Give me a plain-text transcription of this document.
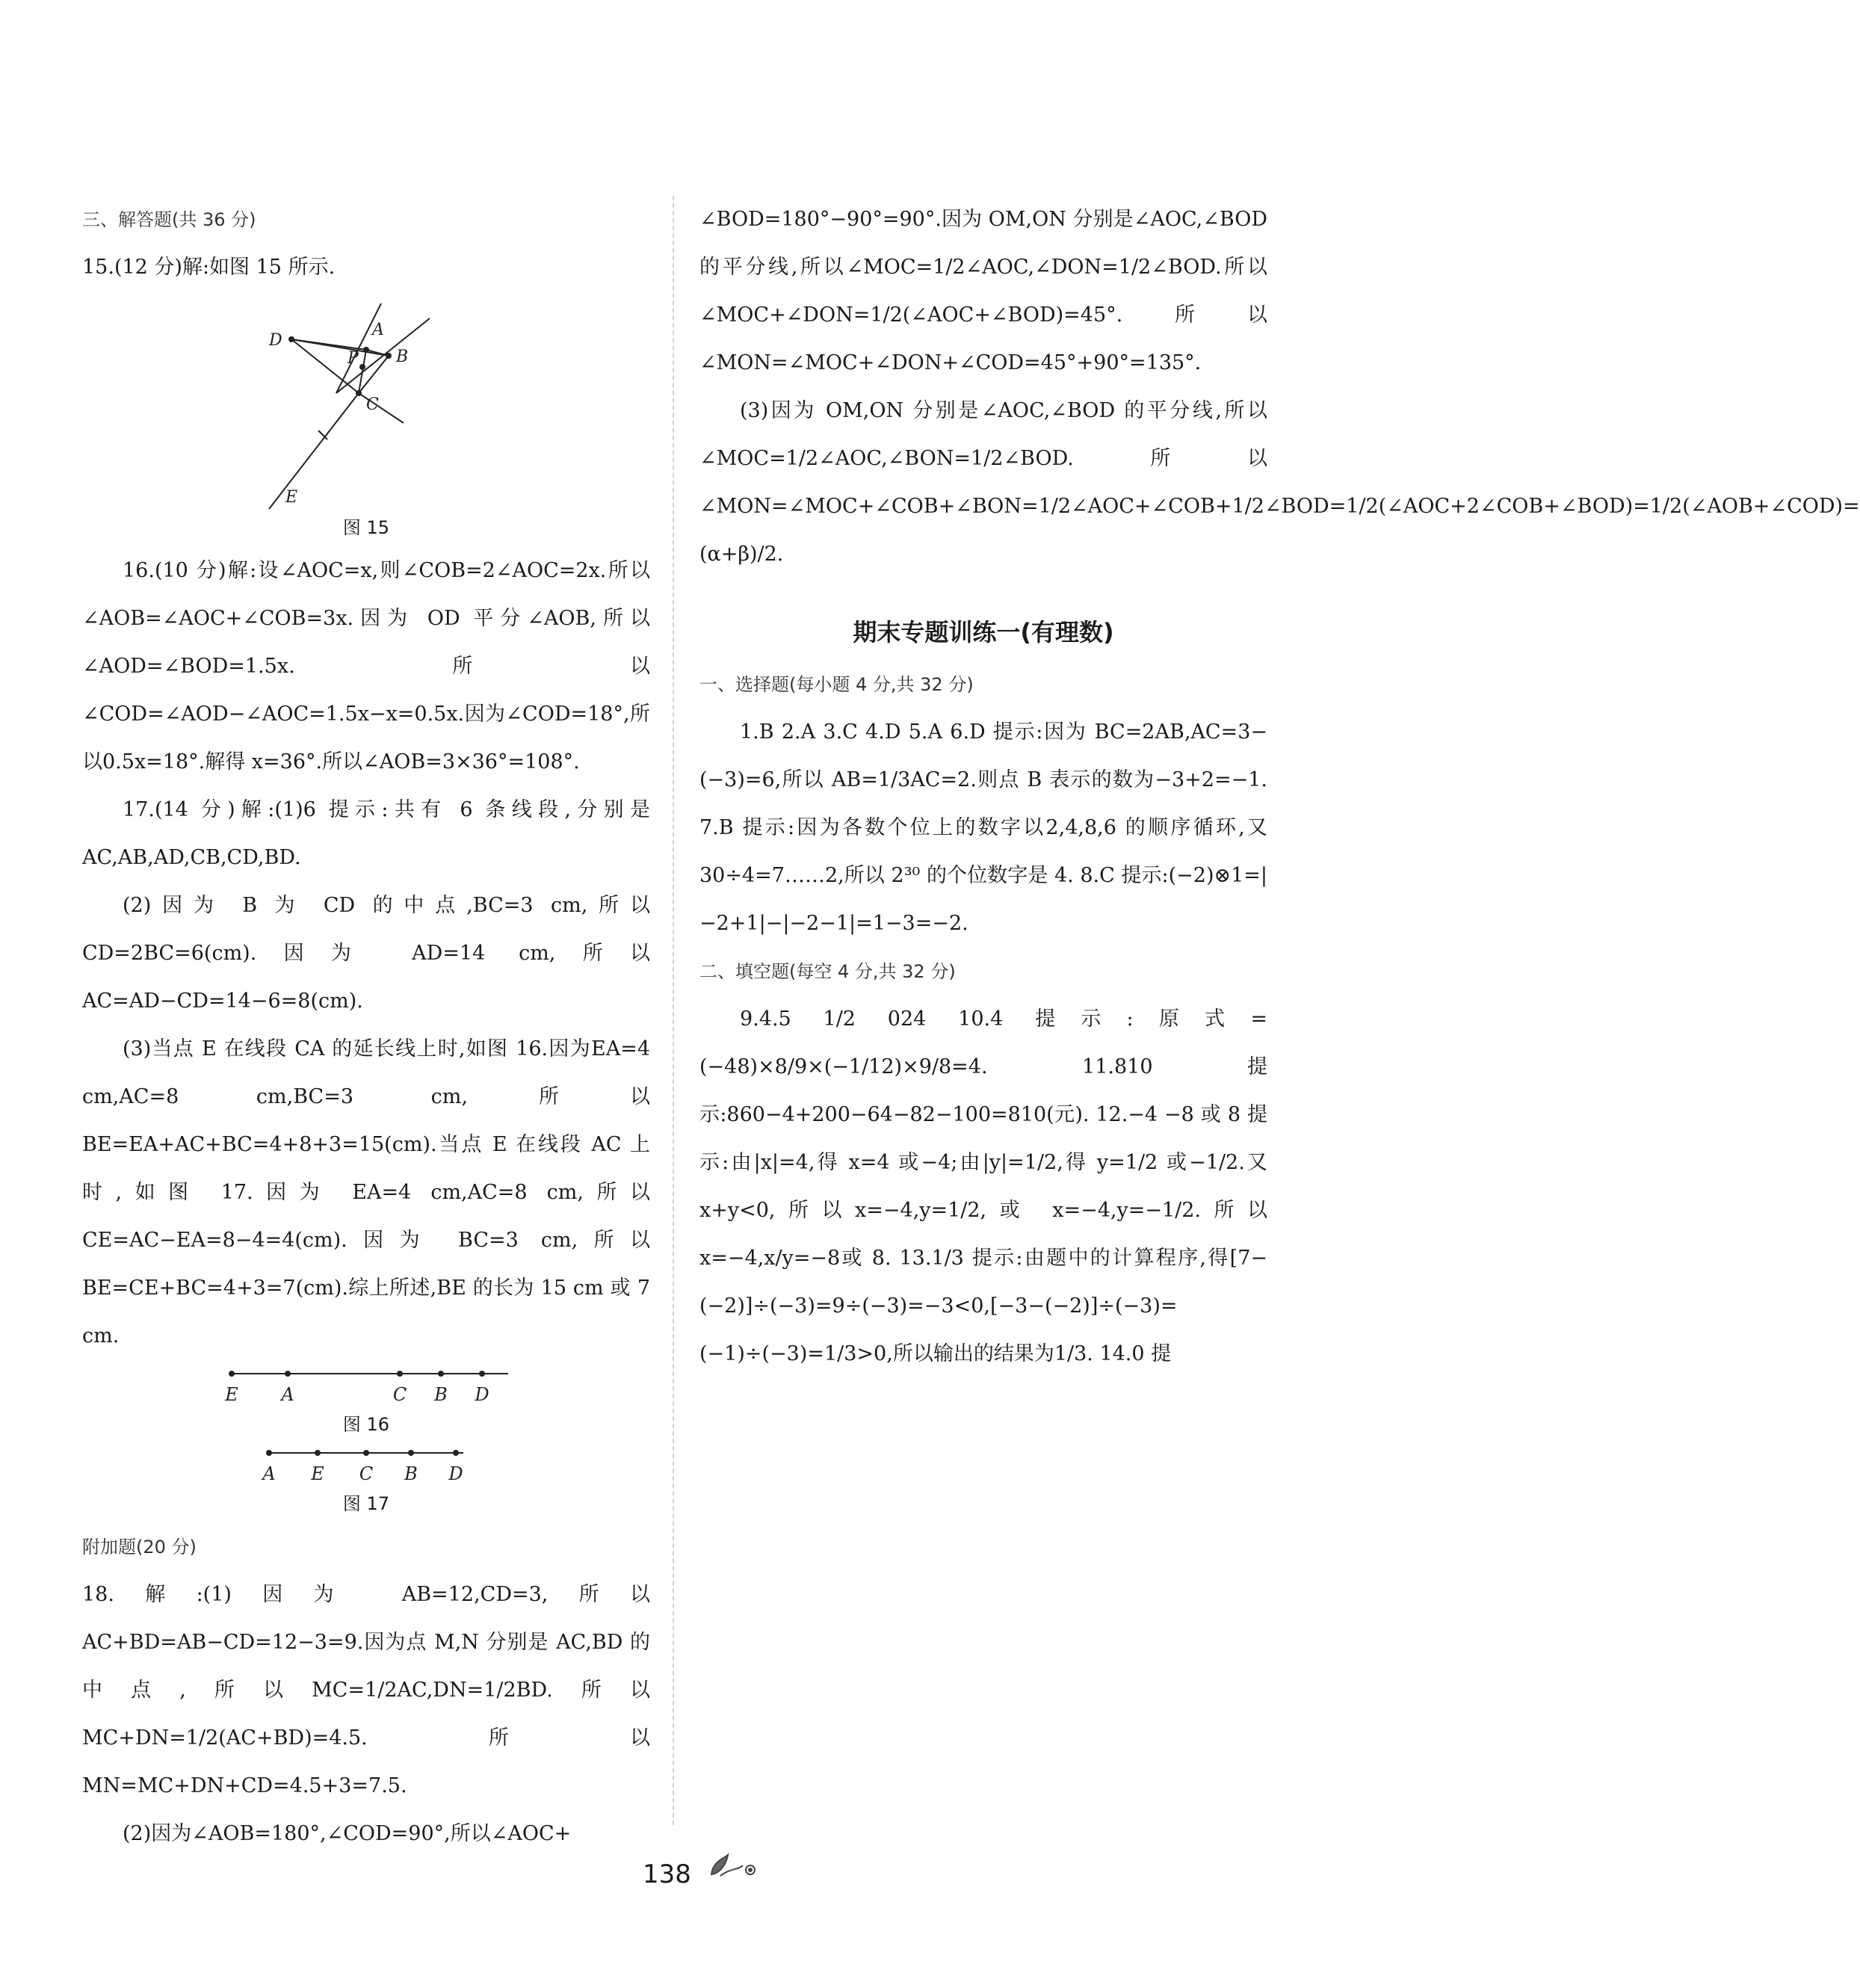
三、解答题(共 36 分)

15.(12 分)解:如图 15 所示.

A
P B
D
C
E
图 15

16.(10 分)解:设∠AOC=x,则∠COB=2∠AOC=2x.所以∠AOB=∠AOC+∠COB=3x.因为 OD 平分∠AOB,所以∠AOD=∠BOD=1.5x.所以∠COD=∠AOD−∠AOC=1.5x−x=0.5x.因为∠COD=18°,所以0.5x=18°.解得 x=36°.所以∠AOB=3×36°=108°.

17.(14 分)解:(1)6 提示:共有 6 条线段,分别是AC,AB,AD,CB,CD,BD.

(2)因为 B 为 CD 的中点,BC=3 cm,所以 CD=2BC=6(cm).因为 AD=14 cm,所以 AC=AD−CD=14−6=8(cm).

(3)当点 E 在线段 CA 的延长线上时,如图 16.因为EA=4 cm,AC=8 cm,BC=3 cm,所以 BE=EA+AC+BC=4+8+3=15(cm).当点 E 在线段 AC 上时,如图 17.因为 EA=4 cm,AC=8 cm,所以 CE=AC−EA=8−4=4(cm).因为 BC=3 cm,所以 BE=CE+BC=4+3=7(cm).综上所述,BE 的长为 15 cm 或 7 cm.

E A	C B D
图 16
A E C B D
图 17

附加题(20 分)

18.解:(1)因为 AB=12,CD=3,所以 AC+BD=AB−CD=12−3=9.因为点 M,N 分别是 AC,BD 的中点,所以MC=1/2AC,DN=1/2BD.所以 MC+DN=1/2(AC+BD)=4.5.所以 MN=MC+DN+CD=4.5+3=7.5.

(2)因为∠AOB=180°,∠COD=90°,所以∠AOC+

∠BOD=180°−90°=90°.因为 OM,ON 分别是∠AOC,∠BOD 的平分线,所以∠MOC=1/2∠AOC,∠DON=1/2∠BOD.所以∠MOC+∠DON=1/2(∠AOC+∠BOD)=45°.所以∠MON=∠MOC+∠DON+∠COD=45°+90°=135°.

(3)因为 OM,ON 分别是∠AOC,∠BOD 的平分线,所以∠MOC=1/2∠AOC,∠BON=1/2∠BOD.所以∠MON=∠MOC+∠COB+∠BON=1/2∠AOC+∠COB+1/2∠BOD=1/2(∠AOC+2∠COB+∠BOD)=1/2(∠AOB+∠COD)=(α+β)/2.

期末专题训练一(有理数)

一、选择题(每小题 4 分,共 32 分)

1.B 2.A 3.C 4.D 5.A 6.D 提示:因为 BC=2AB,AC=3−(−3)=6,所以 AB=1/3AC=2.则点 B 表示的数为−3+2=−1. 7.B 提示:因为各数个位上的数字以2,4,8,6 的顺序循环,又 30÷4=7……2,所以 2³⁰ 的个位数字是 4. 8.C 提示:(−2)⊗1=|−2+1|−|−2−1|=1−3=−2.

二、填空题(每空 4 分,共 32 分)

9.4.5 1/2 024 10.4 提示:原式=(−48)×8/9×(−1/12)×9/8=4. 11.810 提示:860−4+200−64−82−100=810(元). 12.−4 −8 或 8 提示:由|x|=4,得 x=4 或−4;由|y|=1/2,得 y=1/2 或−1/2.又 x+y<0,所以x=−4,y=1/2,或 x=−4,y=−1/2.所以 x=−4,x/y=−8或 8. 13.1/3 提示:由题中的计算程序,得[7−(−2)]÷(−3)=9÷(−3)=−3<0,[−3−(−2)]÷(−3)=(−1)÷(−3)=1/3>0,所以输出的结果为1/3. 14.0 提

138
